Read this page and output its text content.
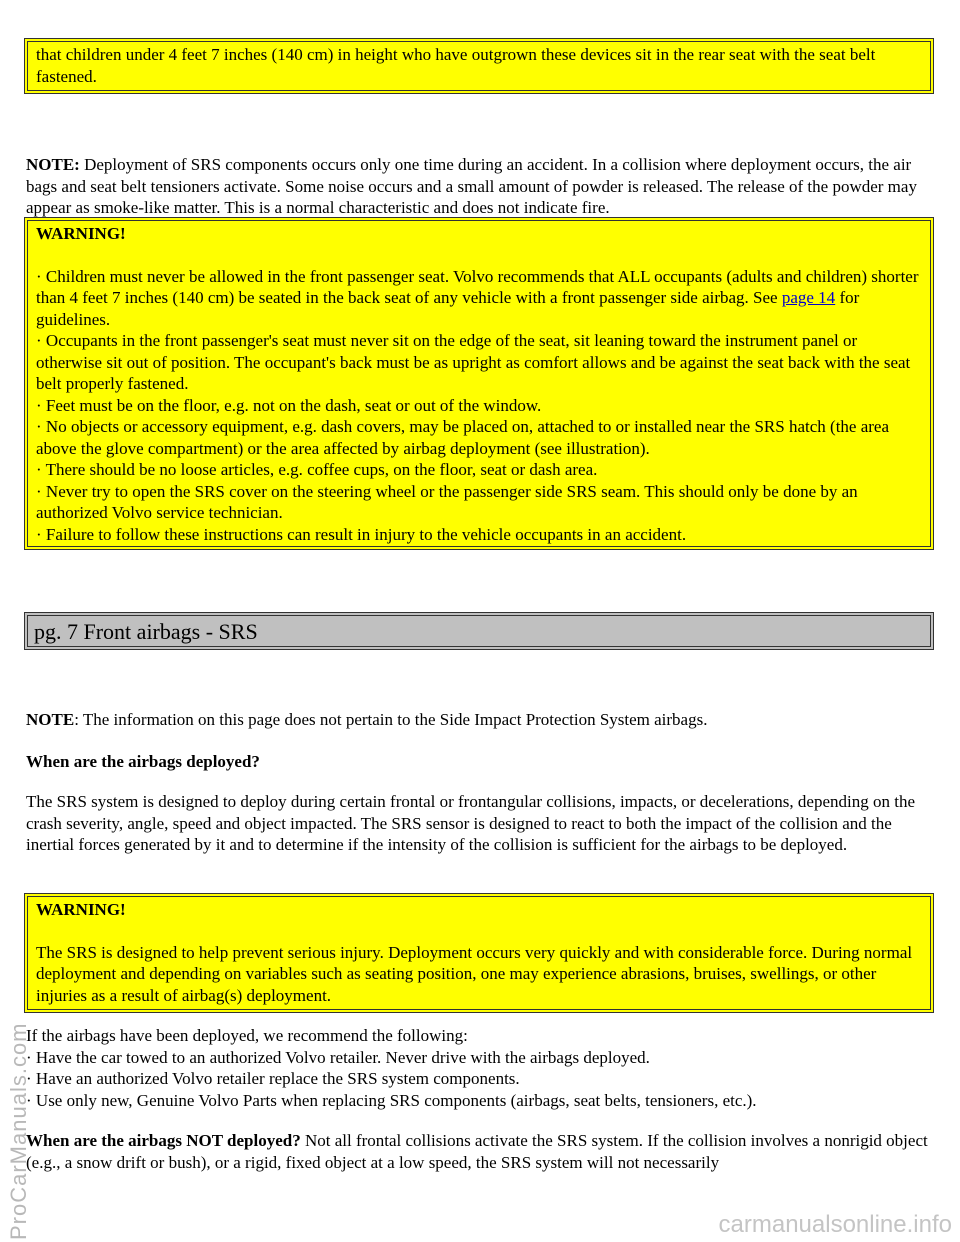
that children under 4 feet 7 inches (140 cm) in height who have outgrown these devices sit in the rear seat with the seat belt fastened.

NOTE: Deployment of SRS components occurs only one time during an accident. In a collision where deployment occurs, the air bags and seat belt tensioners activate. Some noise occurs and a small amount of powder is released. The release of the powder may appear as smoke-like matter. This is a normal characteristic and does not indicate fire.

WARNING!

· Children must never be allowed in the front passenger seat. Volvo recommends that ALL occupants (adults and children) shorter than 4 feet 7 inches (140 cm) be seated in the back seat of any vehicle with a front passenger side airbag. See page 14 for guidelines.

· Occupants in the front passenger's seat must never sit on the edge of the seat, sit leaning toward the instrument panel or otherwise sit out of position. The occupant's back must be as upright as comfort allows and be against the seat back with the seat belt properly fastened.

· Feet must be on the floor, e.g. not on the dash, seat or out of the window.

· No objects or accessory equipment, e.g. dash covers, may be placed on, attached to or installed near the SRS hatch (the area above the glove compartment) or the area affected by airbag deployment (see illustration).

· There should be no loose articles, e.g. coffee cups, on the floor, seat or dash area.

· Never try to open the SRS cover on the steering wheel or the passenger side SRS seam. This should only be done by an authorized Volvo service technician.

· Failure to follow these instructions can result in injury to the vehicle occupants in an accident.

pg. 7 Front airbags - SRS

NOTE: The information on this page does not pertain to the Side Impact Protection System airbags.

When are the airbags deployed?

The SRS system is designed to deploy during certain frontal or frontangular collisions, impacts, or decelerations, depending on the crash severity, angle, speed and object impacted. The SRS sensor is designed to react to both the impact of the collision and the inertial forces generated by it and to determine if the intensity of the collision is sufficient for the airbags to be deployed.

WARNING!

The SRS is designed to help prevent serious injury. Deployment occurs very quickly and with considerable force. During normal deployment and depending on variables such as seating position, one may experience abrasions, bruises, swellings, or other injuries as a result of airbag(s) deployment.

If the airbags have been deployed, we recommend the following:

· Have the car towed to an authorized Volvo retailer. Never drive with the airbags deployed.

· Have an authorized Volvo retailer replace the SRS system components.

· Use only new, Genuine Volvo Parts when replacing SRS components (airbags, seat belts, tensioners, etc.).

When are the airbags NOT deployed? Not all frontal collisions activate the SRS system. If the collision involves a nonrigid object (e.g., a snow drift or bush), or a rigid, fixed object at a low speed, the SRS system will not necessarily

ProCarManuals.com	carmanualsonline.info
